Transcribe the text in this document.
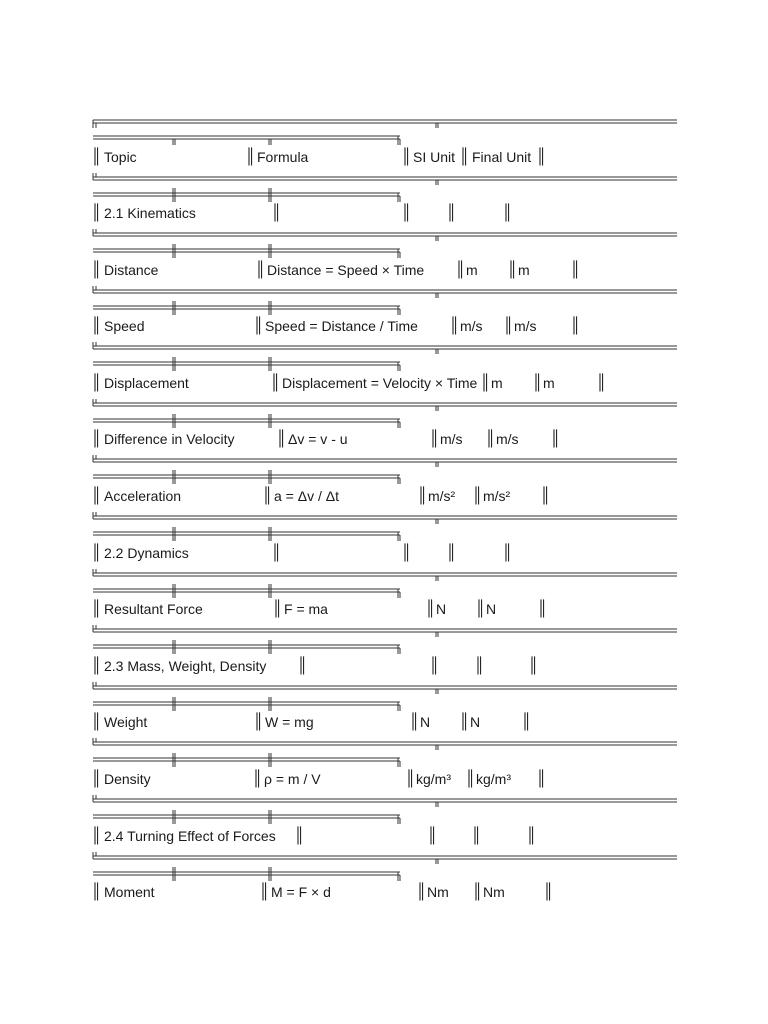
║ Topic	║ Formula	║ SI Unit ║ Final Unit ║
║ 2.1 Kinematics	║	║ ║	║
║ Distance	║ Distance = Speed × Time ║ m ║ m	║
║ Speed	║ Speed = Distance / Time ║ m/s ║ m/s ║
║ Displacement	║ Displacement = Velocity × Time ║ m ║ m	║
║ Difference in Velocity	║ Δv = v - u	║ m/s ║ m/s ║
║ Acceleration	║ a = Δv / Δt	║ m/s² ║ m/s² ║
║ 2.2 Dynamics	║	║ ║	║
║ Resultant Force	║ F = ma	║ N ║ N	║
║ 2.3 Mass, Weight, Density ║	║ ║	║
║ Weight	║ W = mg	║ N ║ N	║
║ Density	║ ρ = m / V	║ kg/m³ ║ kg/m³ ║
║ 2.4 Turning Effect of Forces ║	║ ║	║
║ Moment	║ M = F × d	║ Nm ║ Nm	║
